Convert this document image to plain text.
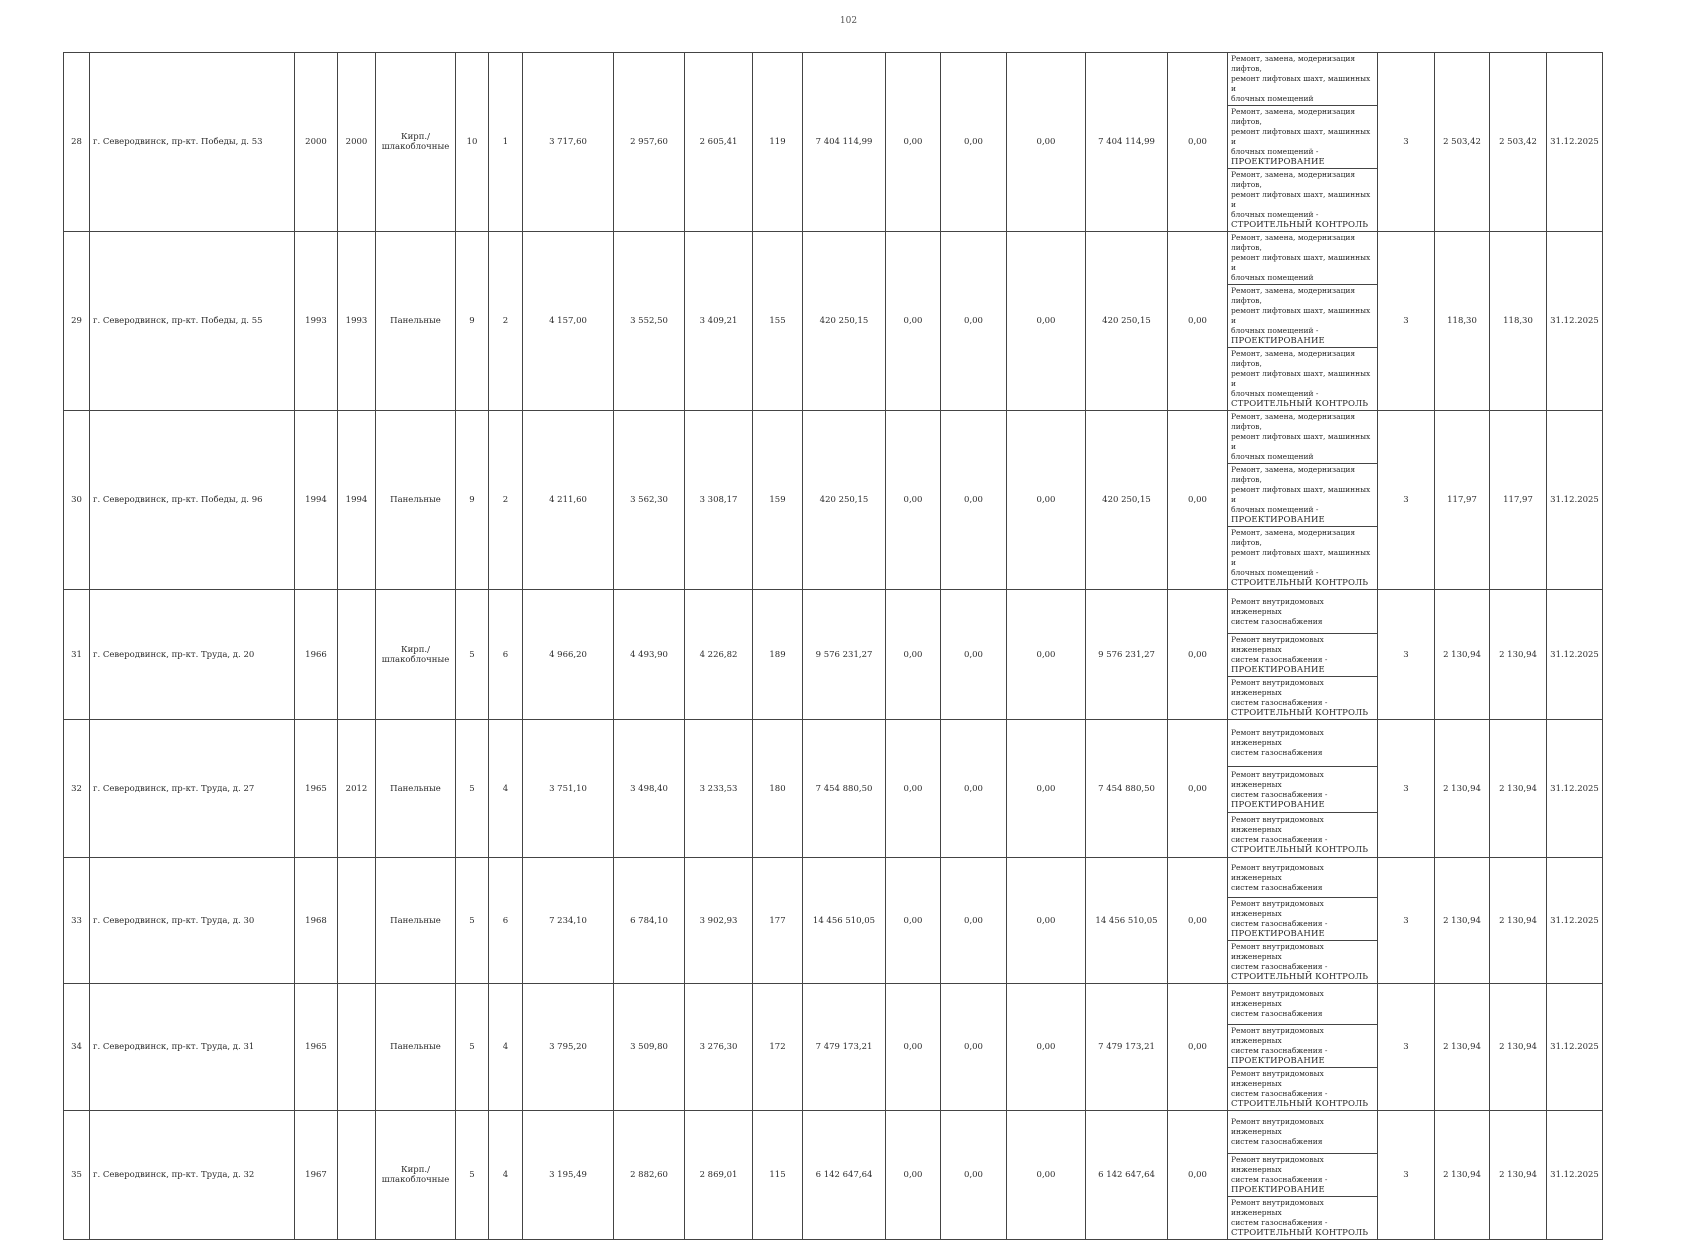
102
28	г. Северодвинск, пр-кт. Победы, д. 53	2000	2000	Кирп./ шлакоблочные	10	1	3 717,60	2 957,60	2 605,41	119	7 404 114,99	0,00	0,00	0,00	7 404 114,99	0,00	Ремонт, замена, модернизация лифтов,
ремонт лифтовых шахт, машинных и
блочных помещений	3	2 503,42	2 503,42	31.12.2025

																	Ремонт, замена, модернизация лифтов,
ремонт лифтовых шахт, машинных и
блочных помещений -
ПРОЕКТИРОВАНИЕ				

																	Ремонт, замена, модернизация лифтов,
ремонт лифтовых шахт, машинных и
блочных помещений -
СТРОИТЕЛЬНЫЙ КОНТРОЛЬ				

29	г. Северодвинск, пр-кт. Победы, д. 55	1993	1993	Панельные	9	2	4 157,00	3 552,50	3 409,21	155	420 250,15	0,00	0,00	0,00	420 250,15	0,00	Ремонт, замена, модернизация лифтов,
ремонт лифтовых шахт, машинных и
блочных помещений	3	118,30	118,30	31.12.2025

																	Ремонт, замена, модернизация лифтов,
ремонт лифтовых шахт, машинных и
блочных помещений -
ПРОЕКТИРОВАНИЕ				

																	Ремонт, замена, модернизация лифтов,
ремонт лифтовых шахт, машинных и
блочных помещений -
СТРОИТЕЛЬНЫЙ КОНТРОЛЬ				

30	г. Северодвинск, пр-кт. Победы, д. 96	1994	1994	Панельные	9	2	4 211,60	3 562,30	3 308,17	159	420 250,15	0,00	0,00	0,00	420 250,15	0,00	Ремонт, замена, модернизация лифтов,
ремонт лифтовых шахт, машинных и
блочных помещений	3	117,97	117,97	31.12.2025

																	Ремонт, замена, модернизация лифтов,
ремонт лифтовых шахт, машинных и
блочных помещений -
ПРОЕКТИРОВАНИЕ				

																	Ремонт, замена, модернизация лифтов,
ремонт лифтовых шахт, машинных и
блочных помещений -
СТРОИТЕЛЬНЫЙ КОНТРОЛЬ				

31	г. Северодвинск, пр-кт. Труда, д. 20	1966		Кирп./ шлакоблочные	5	6	4 966,20	4 493,90	4 226,82	189	9 576 231,27	0,00	0,00	0,00	9 576 231,27	0,00	Ремонт внутридомовых инженерных
систем газоснабжения	3	2 130,94	2 130,94	31.12.2025

																	Ремонт внутридомовых инженерных
систем газоснабжения -
ПРОЕКТИРОВАНИЕ				

																	Ремонт внутридомовых инженерных
систем газоснабжения -
СТРОИТЕЛЬНЫЙ КОНТРОЛЬ				

32	г. Северодвинск, пр-кт. Труда, д. 27	1965	2012	Панельные	5	4	3 751,10	3 498,40	3 233,53	180	7 454 880,50	0,00	0,00	0,00	7 454 880,50	0,00	Ремонт внутридомовых инженерных
систем газоснабжения	3	2 130,94	2 130,94	31.12.2025

																	Ремонт внутридомовых инженерных
систем газоснабжения -
ПРОЕКТИРОВАНИЕ				

																	Ремонт внутридомовых инженерных
систем газоснабжения -
СТРОИТЕЛЬНЫЙ КОНТРОЛЬ				

33	г. Северодвинск, пр-кт. Труда, д. 30	1968		Панельные	5	6	7 234,10	6 784,10	3 902,93	177	14 456 510,05	0,00	0,00	0,00	14 456 510,05	0,00	Ремонт внутридомовых инженерных
систем газоснабжения	3	2 130,94	2 130,94	31.12.2025

																	Ремонт внутридомовых инженерных
систем газоснабжения -
ПРОЕКТИРОВАНИЕ				

																	Ремонт внутридомовых инженерных
систем газоснабжения -
СТРОИТЕЛЬНЫЙ КОНТРОЛЬ				

34	г. Северодвинск, пр-кт. Труда, д. 31	1965		Панельные	5	4	3 795,20	3 509,80	3 276,30	172	7 479 173,21	0,00	0,00	0,00	7 479 173,21	0,00	Ремонт внутридомовых инженерных
систем газоснабжения	3	2 130,94	2 130,94	31.12.2025

																	Ремонт внутридомовых инженерных
систем газоснабжения -
ПРОЕКТИРОВАНИЕ				

																	Ремонт внутридомовых инженерных
систем газоснабжения -
СТРОИТЕЛЬНЫЙ КОНТРОЛЬ				

35	г. Северодвинск, пр-кт. Труда, д. 32	1967		Кирп./ шлакоблочные	5	4	3 195,49	2 882,60	2 869,01	115	6 142 647,64	0,00	0,00	0,00	6 142 647,64	0,00	Ремонт внутридомовых инженерных
систем газоснабжения	3	2 130,94	2 130,94	31.12.2025

																	Ремонт внутридомовых инженерных
систем газоснабжения -
ПРОЕКТИРОВАНИЕ				

																	Ремонт внутридомовых инженерных
систем газоснабжения -
СТРОИТЕЛЬНЫЙ КОНТРОЛЬ				
